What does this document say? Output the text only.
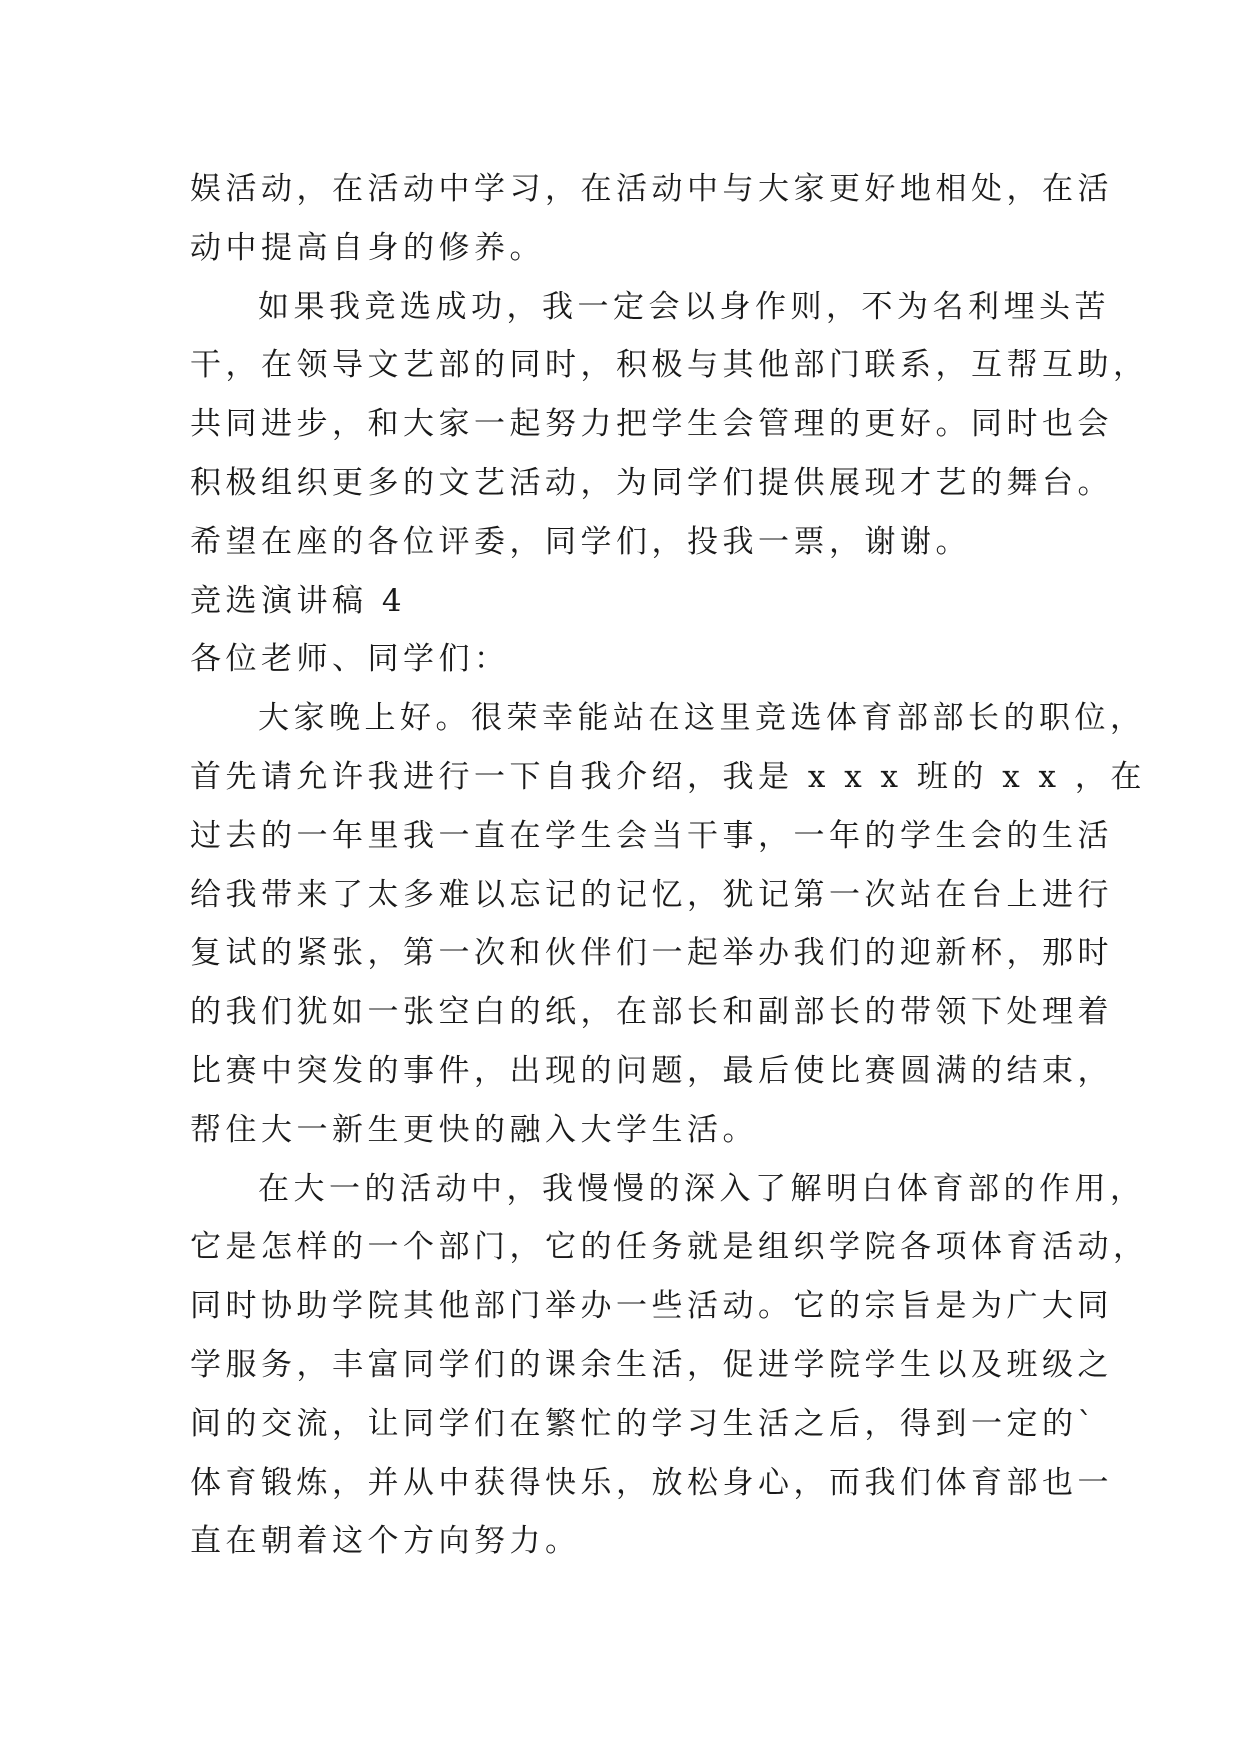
娱活动，在活动中学习，在活动中与大家更好地相处，在活
动中提高自身的修养。
如果我竞选成功，我一定会以身作则，不为名利埋头苦
干，在领导文艺部的同时，积极与其他部门联系，互帮互助，
共同进步，和大家一起努力把学生会管理的更好。同时也会
积极组织更多的文艺活动，为同学们提供展现才艺的舞台。
希望在座的各位评委，同学们，投我一票，谢谢。
竞选演讲稿 4
各位老师、同学们：
大家晚上好。很荣幸能站在这里竞选体育部部长的职位，
首先请允许我进行一下自我介绍，我是 x x x 班的 x x ，在
过去的一年里我一直在学生会当干事，一年的学生会的生活
给我带来了太多难以忘记的记忆，犹记第一次站在台上进行
复试的紧张，第一次和伙伴们一起举办我们的迎新杯，那时
的我们犹如一张空白的纸，在部长和副部长的带领下处理着
比赛中突发的事件，出现的问题，最后使比赛圆满的结束，
帮住大一新生更快的融入大学生活。
在大一的活动中，我慢慢的深入了解明白体育部的作用，
它是怎样的一个部门，它的任务就是组织学院各项体育活动，
同时协助学院其他部门举办一些活动。它的宗旨是为广大同
学服务，丰富同学们的课余生活，促进学院学生以及班级之
间的交流，让同学们在繁忙的学习生活之后，得到一定的`
体育锻炼，并从中获得快乐，放松身心，而我们体育部也一
直在朝着这个方向努力。
